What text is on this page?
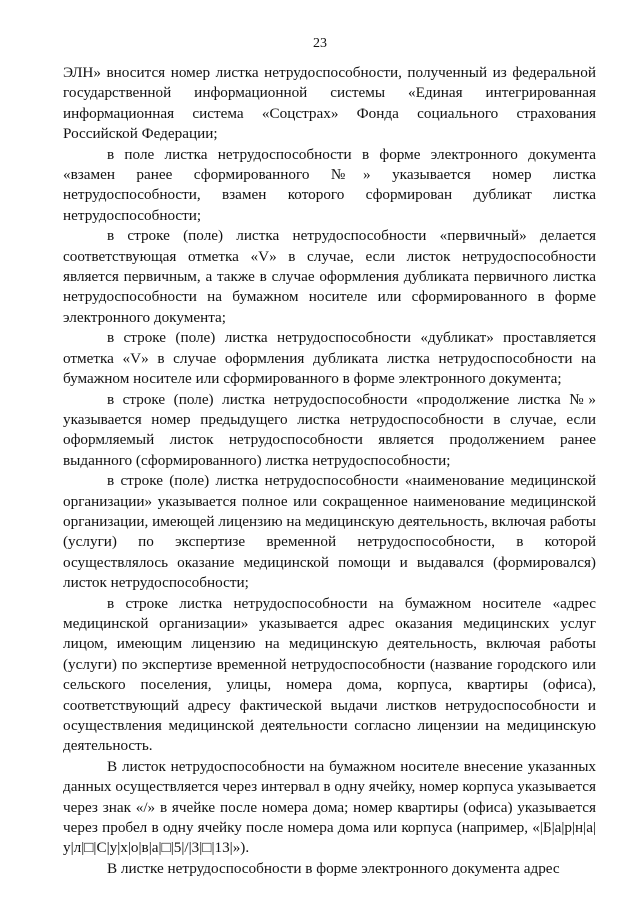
23

ЭЛН» вносится номер листка нетрудоспособности, полученный из федеральной государственной информационной системы «Единая интегрированная информационная система «Соцстрах» Фонда социального страхования Российской Федерации;

в поле листка нетрудоспособности в форме электронного документа «взамен ранее сформированного №» указывается номер листка нетрудоспособности, взамен которого сформирован дубликат листка нетрудоспособности;

в строке (поле) листка нетрудоспособности «первичный» делается соответствующая отметка «V» в случае, если листок нетрудоспособности является первичным, а также в случае оформления дубликата первичного листка нетрудоспособности на бумажном носителе или сформированного в форме электронного документа;

в строке (поле) листка нетрудоспособности «дубликат» проставляется отметка «V» в случае оформления дубликата листка нетрудоспособности на бумажном носителе или сформированного в форме электронного документа;

в строке (поле) листка нетрудоспособности «продолжение листка №» указывается номер предыдущего листка нетрудоспособности в случае, если оформляемый листок нетрудоспособности является продолжением ранее выданного (сформированного) листка нетрудоспособности;

в строке (поле) листка нетрудоспособности «наименование медицинской организации» указывается полное или сокращенное наименование медицинской организации, имеющей лицензию на медицинскую деятельность, включая работы (услуги) по экспертизе временной нетрудоспособности, в которой осуществлялось оказание медицинской помощи и выдавался (формировался) листок нетрудоспособности;

в строке листка нетрудоспособности на бумажном носителе «адрес медицинской организации» указывается адрес оказания медицинских услуг лицом, имеющим лицензию на медицинскую деятельность, включая работы (услуги) по экспертизе временной нетрудоспособности (название городского или сельского поселения, улицы, номера дома, корпуса, квартиры (офиса), соответствующий адресу фактической выдачи листков нетрудоспособности и осуществления медицинской деятельности согласно лицензии на медицинскую деятельность.

В листок нетрудоспособности на бумажном носителе внесение указанных данных осуществляется через интервал в одну ячейку, номер корпуса указывается через знак «/» в ячейке после номера дома; номер квартиры (офиса) указывается через пробел в одну ячейку после номера дома или корпуса (например, «|Б|а|р|н|а|у|л|□|С|у|х|о|в|а|□|5|/|3|□|13|»).

В листке нетрудоспособности в форме электронного документа адрес
